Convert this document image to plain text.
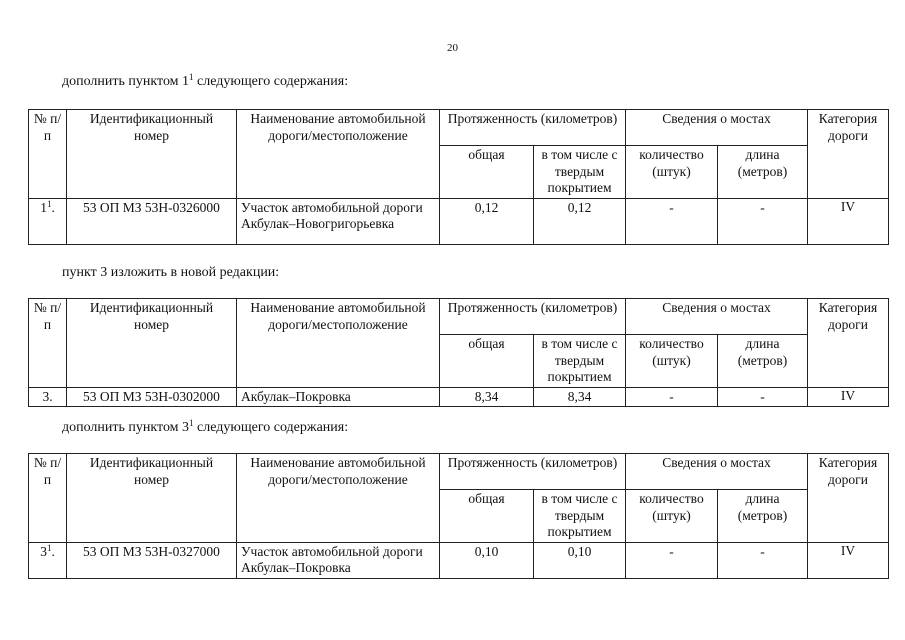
20
дополнить пунктом $1^1$ следующего содержания:
№ п/п	Идентификационный номер	Наименование автомобильной дороги/местоположение	Протяженность (километров)		Сведения о мостах		Категория дороги
			общая	в том числе с твердым покрытием	количество (штук)	длина (метров)	
$1^1$.	53 ОП МЗ 53Н-0326000	Участок автомобильной дороги Акбулак–Новогригорьевка	0,12	0,12	-	-	IV
пункт 3 изложить в новой редакции:
№ п/п	Идентификационный номер	Наименование автомобильной дороги/местоположение	Протяженность (километров)		Сведения о мостах		Категория дороги
			общая	в том числе с твердым покрытием	количество (штук)	длина (метров)	
3.	53 ОП МЗ 53Н-0302000	Акбулак–Покровка	8,34	8,34	-	-	IV
дополнить пунктом $3^1$ следующего содержания:
№ п/п	Идентификационный номер	Наименование автомобильной дороги/местоположение	Протяженность (километров)		Сведения о мостах		Категория дороги
			общая	в том числе с твердым покрытием	количество (штук)	длина (метров)	
$3^1$.	53 ОП МЗ 53Н-0327000	Участок автомобильной дороги Акбулак–Покровка	0,10	0,10	-	-	IV
